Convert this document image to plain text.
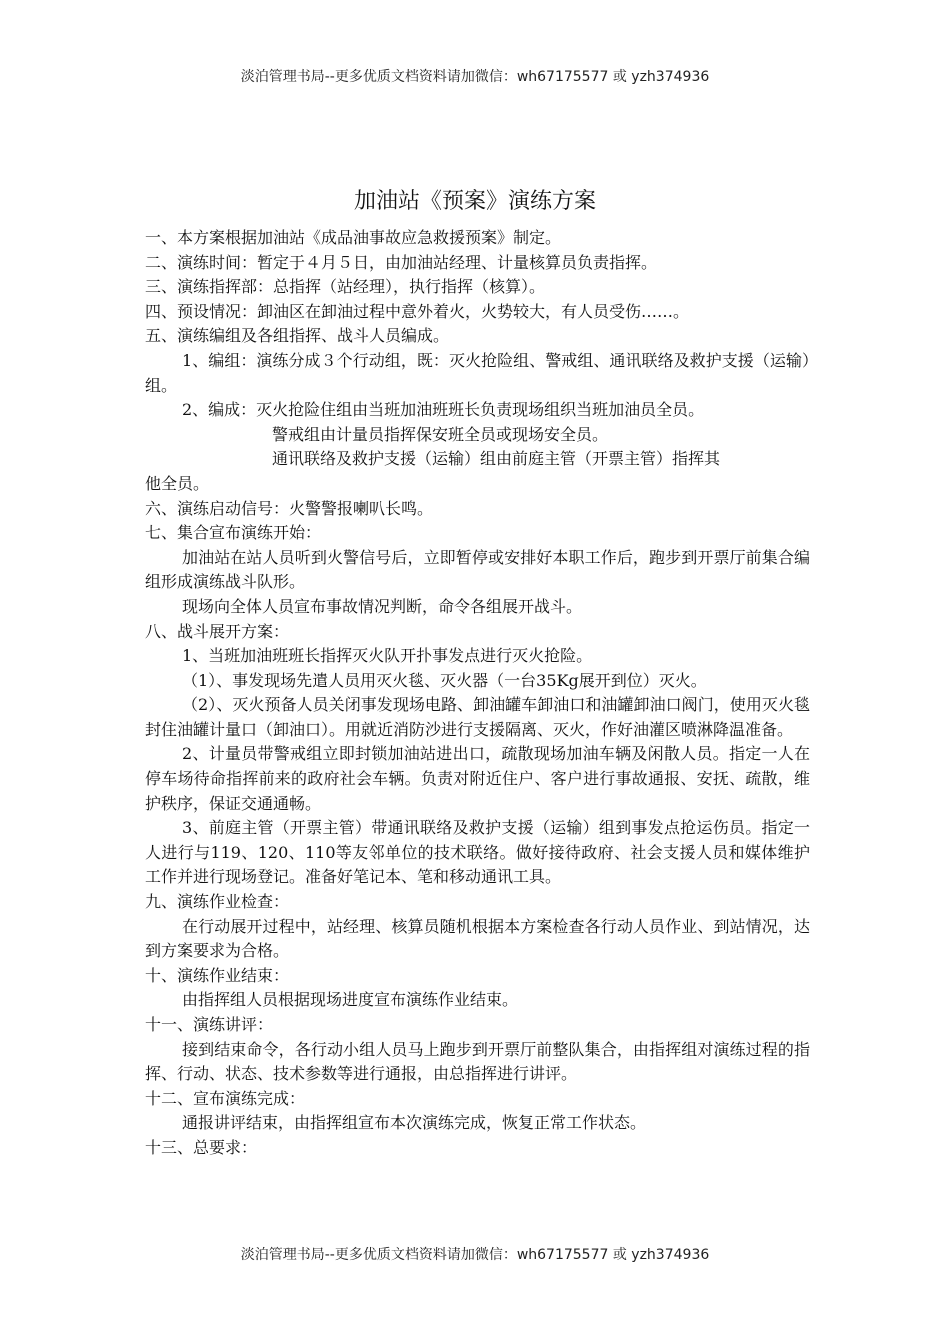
淡泊管理书局--更多优质文档资料请加微信：wh67175577 或 yzh374936
加油站《预案》演练方案

一、本方案根据加油站《成品油事故应急救援预案》制定。

二、演练时间：暂定于４月５日，由加油站经理、计量核算员负责指挥。

三、演练指挥部：总指挥（站经理），执行指挥（核算）。

四、预设情况：卸油区在卸油过程中意外着火，火势较大，有人员受伤……。

五、演练编组及各组指挥、战斗人员编成。

1、编组：演练分成３个行动组，既：灭火抢险组、警戒组、通讯联络及救护支援（运输）组。

2、编成：灭火抢险住组由当班加油班班长负责现场组织当班加油员全员。

警戒组由计量员指挥保安班全员或现场安全员。

通讯联络及救护支援（运输）组由前庭主管（开票主管）指挥其

他全员。

六、演练启动信号：火警警报喇叭长鸣。

七、集合宣布演练开始：

加油站在站人员听到火警信号后，立即暂停或安排好本职工作后，跑步到开票厅前集合编组形成演练战斗队形。

现场向全体人员宣布事故情况判断，命令各组展开战斗。

八、战斗展开方案：

1、当班加油班班长指挥灭火队开扑事发点进行灭火抢险。

（1）、事发现场先遣人员用灭火毯、灭火器（一台35Kg展开到位）灭火。

（2）、灭火预备人员关闭事发现场电路、卸油罐车卸油口和油罐卸油口阀门，使用灭火毯封住油罐计量口（卸油口）。用就近消防沙进行支援隔离、灭火，作好油灌区喷淋降温准备。

2、计量员带警戒组立即封锁加油站进出口，疏散现场加油车辆及闲散人员。指定一人在停车场待命指挥前来的政府社会车辆。负责对附近住户、客户进行事故通报、安抚、疏散，维护秩序，保证交通通畅。

3、前庭主管（开票主管）带通讯联络及救护支援（运输）组到事发点抢运伤员。指定一人进行与119、120、110等友邻单位的技术联络。做好接待政府、社会支援人员和媒体维护工作并进行现场登记。准备好笔记本、笔和移动通讯工具。

九、演练作业检查：

在行动展开过程中，站经理、核算员随机根据本方案检查各行动人员作业、到站情况，达到方案要求为合格。

十、演练作业结束：

由指挥组人员根据现场进度宣布演练作业结束。

十一、演练讲评：

接到结束命令，各行动小组人员马上跑步到开票厅前整队集合，由指挥组对演练过程的指挥、行动、状态、技术参数等进行通报，由总指挥进行讲评。

十二、宣布演练完成：

通报讲评结束，由指挥组宣布本次演练完成，恢复正常工作状态。

十三、总要求：

淡泊管理书局--更多优质文档资料请加微信：wh67175577 或 yzh374936
